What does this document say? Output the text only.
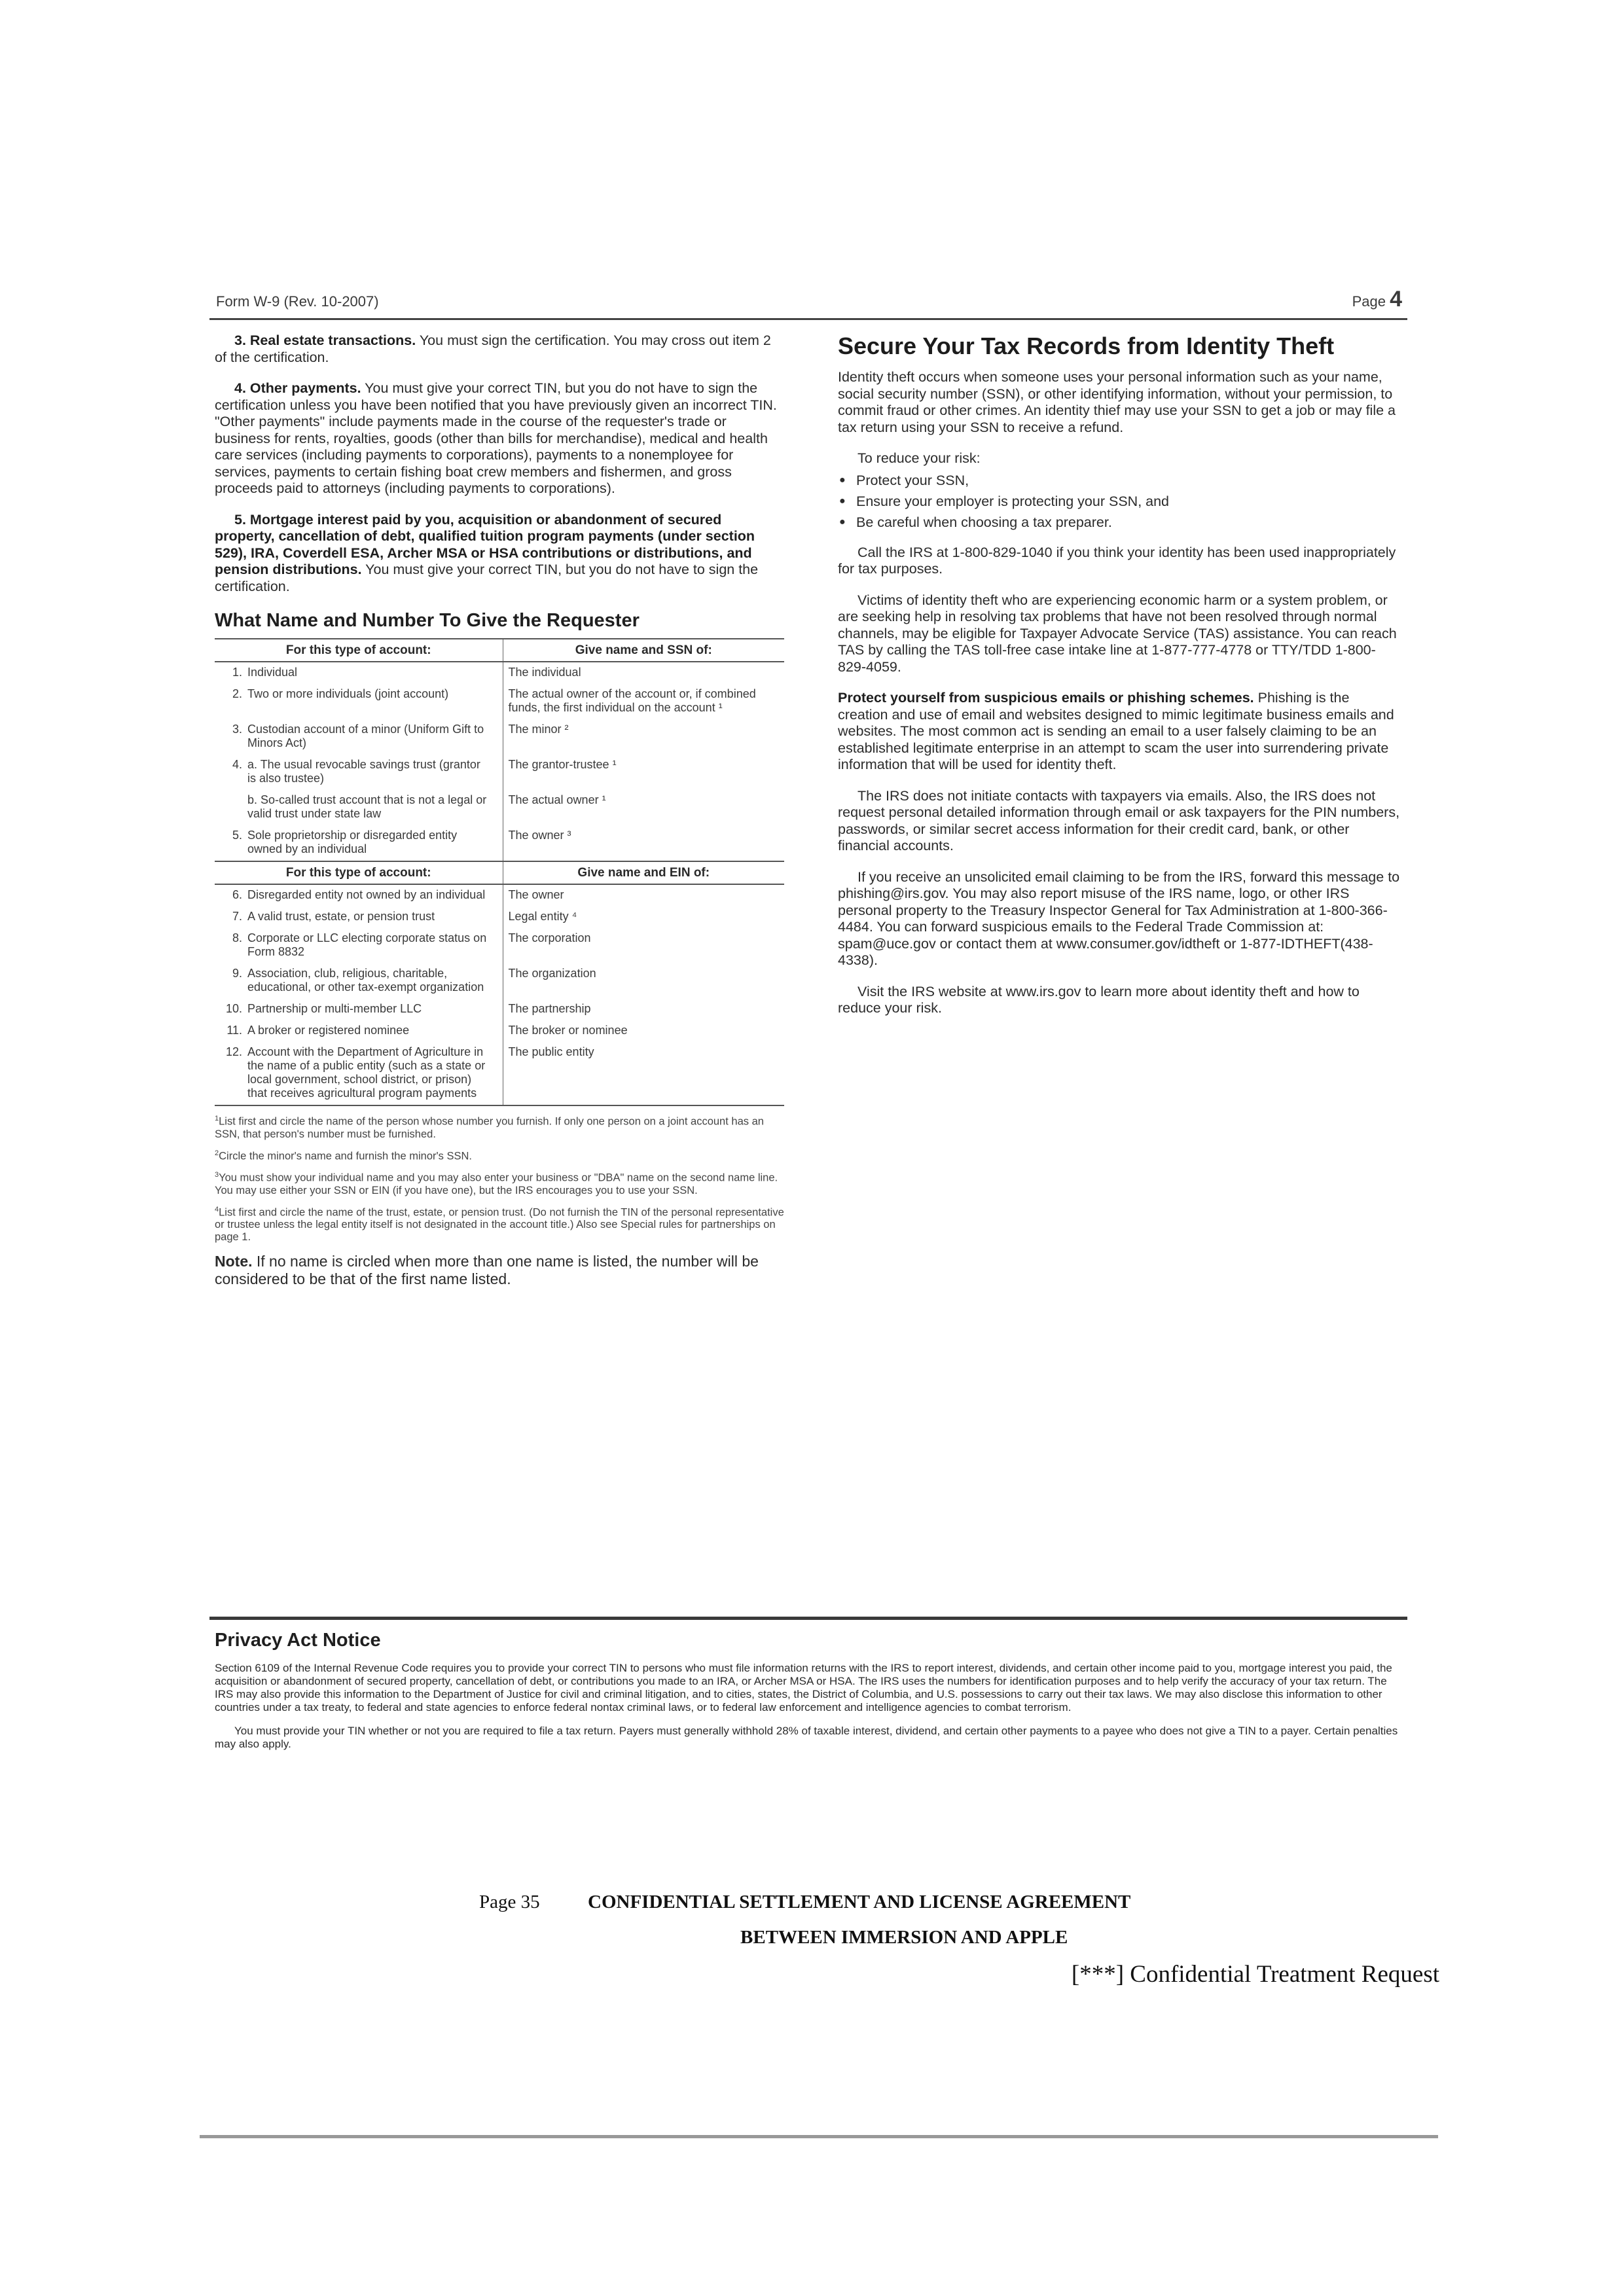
Form W-9 (Rev. 10-2007)	Page 4

3. Real estate transactions. You must sign the certification. You may cross out item 2 of the certification.

4. Other payments. You must give your correct TIN, but you do not have to sign the certification unless you have been notified that you have previously given an incorrect TIN. "Other payments" include payments made in the course of the requester's trade or business for rents, royalties, goods (other than bills for merchandise), medical and health care services (including payments to corporations), payments to a nonemployee for services, payments to certain fishing boat crew members and fishermen, and gross proceeds paid to attorneys (including payments to corporations).

5. Mortgage interest paid by you, acquisition or abandonment of secured property, cancellation of debt, qualified tuition program payments (under section 529), IRA, Coverdell ESA, Archer MSA or HSA contributions or distributions, and pension distributions. You must give your correct TIN, but you do not have to sign the certification.

What Name and Number To Give the Requester
For this type of account:	Give name and SSN of:
1. Individual	The individual
2. Two or more individuals (joint account)	The actual owner of the account or, if combined funds, the first individual on the account ¹
3. Custodian account of a minor (Uniform Gift to Minors Act)	The minor ²
4. a. The usual revocable savings trust (grantor is also trustee)	The grantor-trustee ¹
b. So-called trust account that is not a legal or valid trust under state law	The actual owner ¹
5. Sole proprietorship or disregarded entity owned by an individual	The owner ³
For this type of account:	Give name and EIN of:
6. Disregarded entity not owned by an individual	The owner
7. A valid trust, estate, or pension trust	Legal entity ⁴
8. Corporate or LLC electing corporate status on Form 8832	The corporation
9. Association, club, religious, charitable, educational, or other tax-exempt organization	The organization
10. Partnership or multi-member LLC	The partnership
11. A broker or registered nominee	The broker or nominee
12. Account with the Department of Agriculture in the name of a public entity (such as a state or local government, school district, or prison) that receives agricultural program payments	The public entity

$^1$List first and circle the name of the person whose number you furnish. If only one person on a joint account has an SSN, that person's number must be furnished.

$^2$Circle the minor's name and furnish the minor's SSN.

$^3$You must show your individual name and you may also enter your business or "DBA" name on the second name line. You may use either your SSN or EIN (if you have one), but the IRS encourages you to use your SSN.

$^4$List first and circle the name of the trust, estate, or pension trust. (Do not furnish the TIN of the personal representative or trustee unless the legal entity itself is not designated in the account title.) Also see Special rules for partnerships on page 1.

Note. If no name is circled when more than one name is listed, the number will be considered to be that of the first name listed.

Secure Your Tax Records from Identity Theft

Identity theft occurs when someone uses your personal information such as your name, social security number (SSN), or other identifying information, without your permission, to commit fraud or other crimes. An identity thief may use your SSN to get a job or may file a tax return using your SSN to receive a refund.

To reduce your risk:

● Protect your SSN,
● Ensure your employer is protecting your SSN, and
● Be careful when choosing a tax preparer.

Call the IRS at 1-800-829-1040 if you think your identity has been used inappropriately for tax purposes.

Victims of identity theft who are experiencing economic harm or a system problem, or are seeking help in resolving tax problems that have not been resolved through normal channels, may be eligible for Taxpayer Advocate Service (TAS) assistance. You can reach TAS by calling the TAS toll-free case intake line at 1-877-777-4778 or TTY/TDD 1-800-829-4059.

Protect yourself from suspicious emails or phishing schemes. Phishing is the creation and use of email and websites designed to mimic legitimate business emails and websites. The most common act is sending an email to a user falsely claiming to be an established legitimate enterprise in an attempt to scam the user into surrendering private information that will be used for identity theft.

The IRS does not initiate contacts with taxpayers via emails. Also, the IRS does not request personal detailed information through email or ask taxpayers for the PIN numbers, passwords, or similar secret access information for their credit card, bank, or other financial accounts.

If you receive an unsolicited email claiming to be from the IRS, forward this message to phishing@irs.gov. You may also report misuse of the IRS name, logo, or other IRS personal property to the Treasury Inspector General for Tax Administration at 1-800-366-4484. You can forward suspicious emails to the Federal Trade Commission at: spam@uce.gov or contact them at www.consumer.gov/idtheft or 1-877-IDTHEFT(438-4338).

Visit the IRS website at www.irs.gov to learn more about identity theft and how to reduce your risk.

Privacy Act Notice

Section 6109 of the Internal Revenue Code requires you to provide your correct TIN to persons who must file information returns with the IRS to report interest, dividends, and certain other income paid to you, mortgage interest you paid, the acquisition or abandonment of secured property, cancellation of debt, or contributions you made to an IRA, or Archer MSA or HSA. The IRS uses the numbers for identification purposes and to help verify the accuracy of your tax return. The IRS may also provide this information to the Department of Justice for civil and criminal litigation, and to cities, states, the District of Columbia, and U.S. possessions to carry out their tax laws. We may also disclose this information to other countries under a tax treaty, to federal and state agencies to enforce federal nontax criminal laws, or to federal law enforcement and intelligence agencies to combat terrorism.

You must provide your TIN whether or not you are required to file a tax return. Payers must generally withhold 28% of taxable interest, dividend, and certain other payments to a payee who does not give a TIN to a payer. Certain penalties may also apply.

Page 35	CONFIDENTIAL SETTLEMENT AND LICENSE AGREEMENT
BETWEEN IMMERSION AND APPLE
[***] Confidential Treatment Request
